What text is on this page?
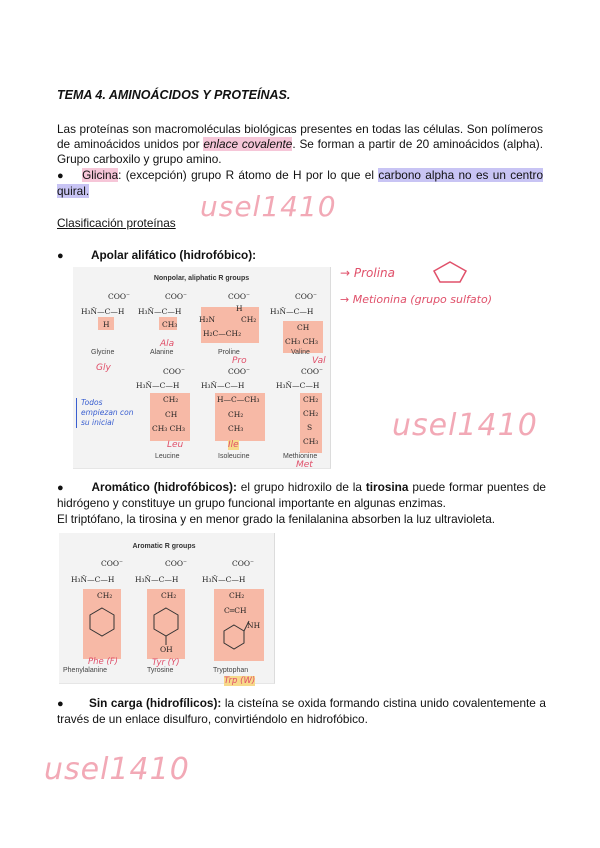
TEMA 4. AMINOÁCIDOS Y PROTEÍNAS.
Las proteínas son macromoléculas biológicas presentes en todas las células. Son polímeros de aminoácidos unidos por enlace covalente. Se forman a partir de 20 aminoácidos (alpha). Grupo carboxilo y grupo amino.
● Glicina: (excepción) grupo R átomo de H por lo que el carbono alpha no es un centro quiral.	usel1410
Clasificación proteínas
● Apolar alifático (hidrofóbico):
Nonpolar, aliphatic R groups
COO⁻
H₃N̂—C—H
H
Glycine
COO⁻
H₃N̂—C—H
CH₃
Alanine
COO⁻
H
H₂N	CH₂
H₂C—CH₂
Proline
COO⁻
H₃N̂—C—H
CH
CH₃ CH₃
Valine
COO⁻
H₃N̂—C—H
CH₂
CH
CH₃ CH₃
Leucine
COO⁻
H₃N̂—C—H
H—C—CH₃
CH₂
CH₃
Isoleucine
COO⁻
H₃N̂—C—H
CH₂
CH₂
S
CH₃
Methionine
Gly
Ala
Pro	Val
Leu	Ile
Met
Todos empiezan con su inicial
→ Prolina
→ Metionina (grupo sulfato)
usel1410
● Aromático (hidrofóbicos): el grupo hidroxilo de la tirosina puede formar puentes de hidrógeno y constituye un grupo funcional importante en algunas enzimas.
El triptófano, la tirosina y en menor grado la fenilalanina absorben la luz ultravioleta.
Aromatic R groups
COO⁻
H₃N̂—C—H
CH₂
COO⁻
H₃N̂—C—H
CH₂
OH
COO⁻
H₃N̂—C—H
CH₂
C═CH
NH
Phenylalanine	Tyrosine	Tryptophan
Phe (F)	Tyr (Y)
Trp (W)
● Sin carga (hidrofílicos): la cisteína se oxida formando cistina unido covalentemente a través de un enlace disulfuro, convirtiéndolo en hidrofóbico.
usel1410
